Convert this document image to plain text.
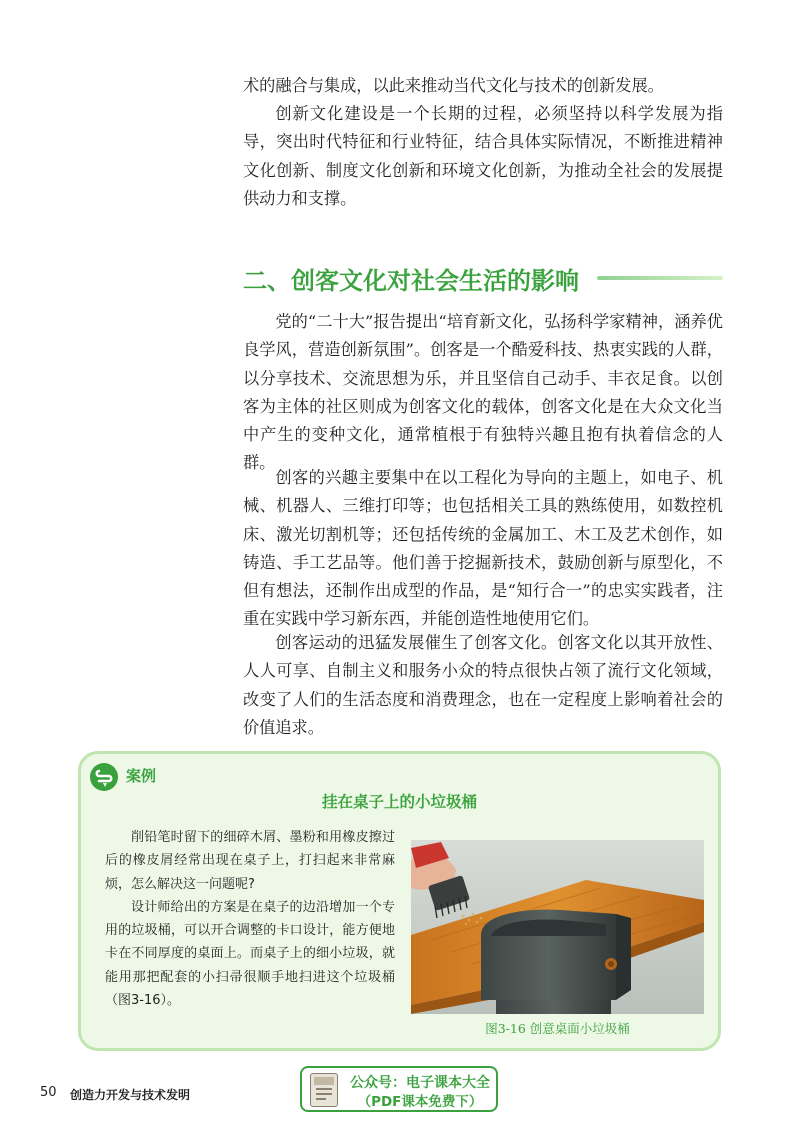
术的融合与集成，以此来推动当代文化与技术的创新发展。

创新文化建设是一个长期的过程，必须坚持以科学发展为指导，突出时代特征和行业特征，结合具体实际情况，不断推进精神文化创新、制度文化创新和环境文化创新，为推动全社会的发展提供动力和支撑。

二、创客文化对社会生活的影响

党的“二十大”报告提出“培育新文化，弘扬科学家精神，涵养优良学风，营造创新氛围”。创客是一个酷爱科技、热衷实践的人群，以分享技术、交流思想为乐，并且坚信自己动手、丰衣足食。以创客为主体的社区则成为创客文化的载体，创客文化是在大众文化当中产生的变种文化，通常植根于有独特兴趣且抱有执着信念的人群。

创客的兴趣主要集中在以工程化为导向的主题上，如电子、机械、机器人、三维打印等；也包括相关工具的熟练使用，如数控机床、激光切割机等；还包括传统的金属加工、木工及艺术创作，如铸造、手工艺品等。他们善于挖掘新技术，鼓励创新与原型化，不但有想法，还制作出成型的作品，是“知行合一”的忠实实践者，注重在实践中学习新东西，并能创造性地使用它们。

创客运动的迅猛发展催生了创客文化。创客文化以其开放性、人人可享、自制主义和服务小众的特点很快占领了流行文化领域，改变了人们的生活态度和消费理念，也在一定程度上影响着社会的价值追求。

案例
挂在桌子上的小垃圾桶

削铅笔时留下的细碎木屑、墨粉和用橡皮擦过后的橡皮屑经常出现在桌子上，打扫起来非常麻烦，怎么解决这一问题呢?

设计师给出的方案是在桌子的边沿增加一个专用的垃圾桶，可以开合调整的卡口设计，能方便地卡在不同厚度的桌面上。而桌子上的细小垃圾，就能用那把配套的小扫帚很顺手地扫进这个垃圾桶（图3-16）。

图3-16 创意桌面小垃圾桶
50 创造力开发与技术发明
公众号：电子课本大全
（PDF课本免费下）
